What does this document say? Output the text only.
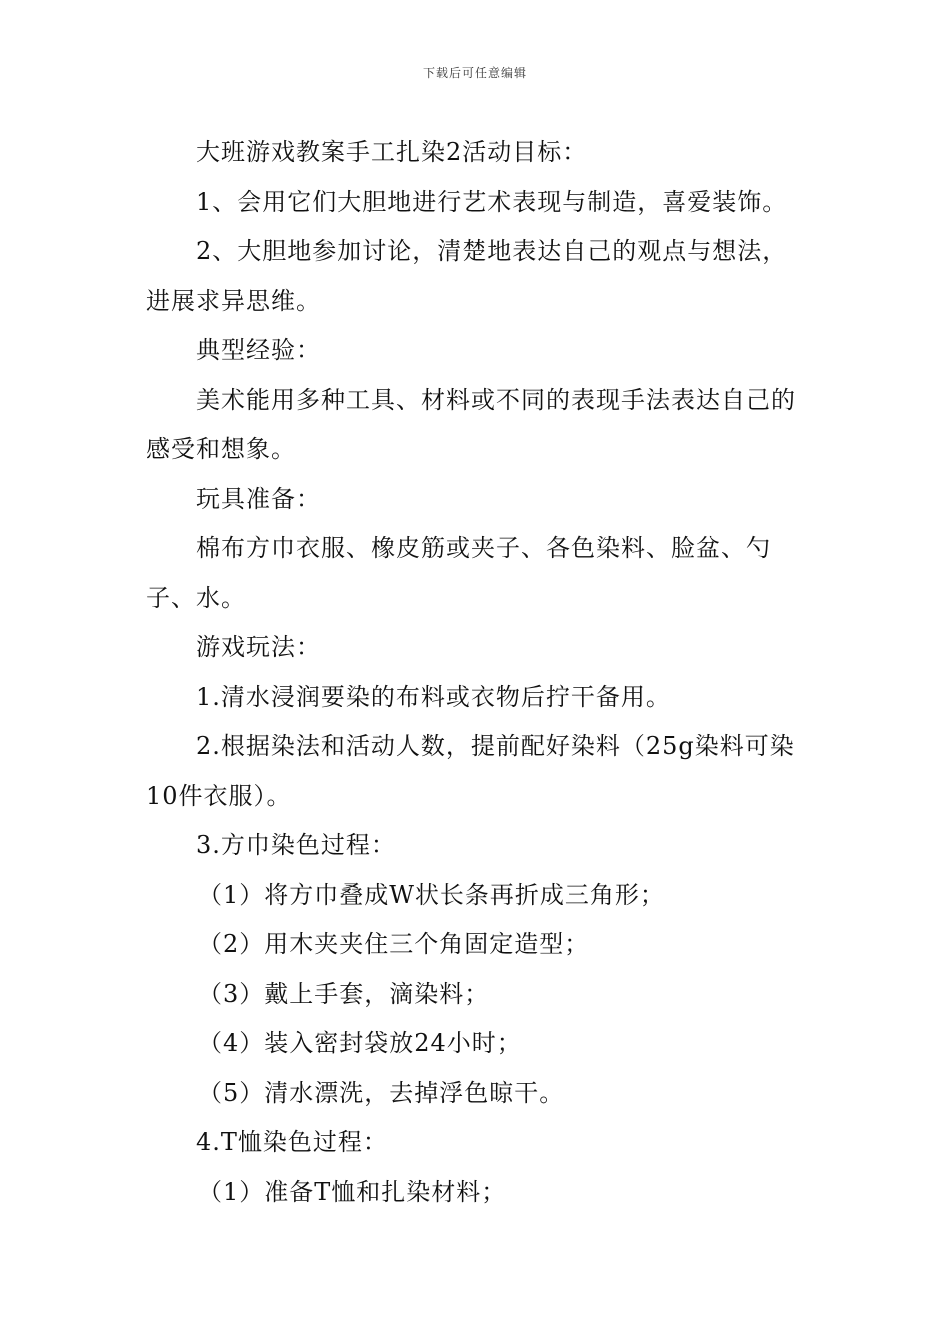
下载后可任意编辑

大班游戏教案手工扎染2活动目标：

1、会用它们大胆地进行艺术表现与制造，喜爱装饰。

2、大胆地参加讨论，清楚地表达自己的观点与想法，进展求异思维。

典型经验：

美术能用多种工具、材料或不同的表现手法表达自己的感受和想象。

玩具准备：

棉布方巾衣服、橡皮筋或夹子、各色染料、脸盆、勺子、水。

游戏玩法：

1.清水浸润要染的布料或衣物后拧干备用。

2.根据染法和活动人数，提前配好染料（25g染料可染10件衣服）。

3.方巾染色过程：

（1）将方巾叠成W状长条再折成三角形；

（2）用木夹夹住三个角固定造型；

（3）戴上手套，滴染料；

（4）装入密封袋放24小时；

（5）清水漂洗，去掉浮色晾干。

4.T恤染色过程：

（1）准备T恤和扎染材料；
